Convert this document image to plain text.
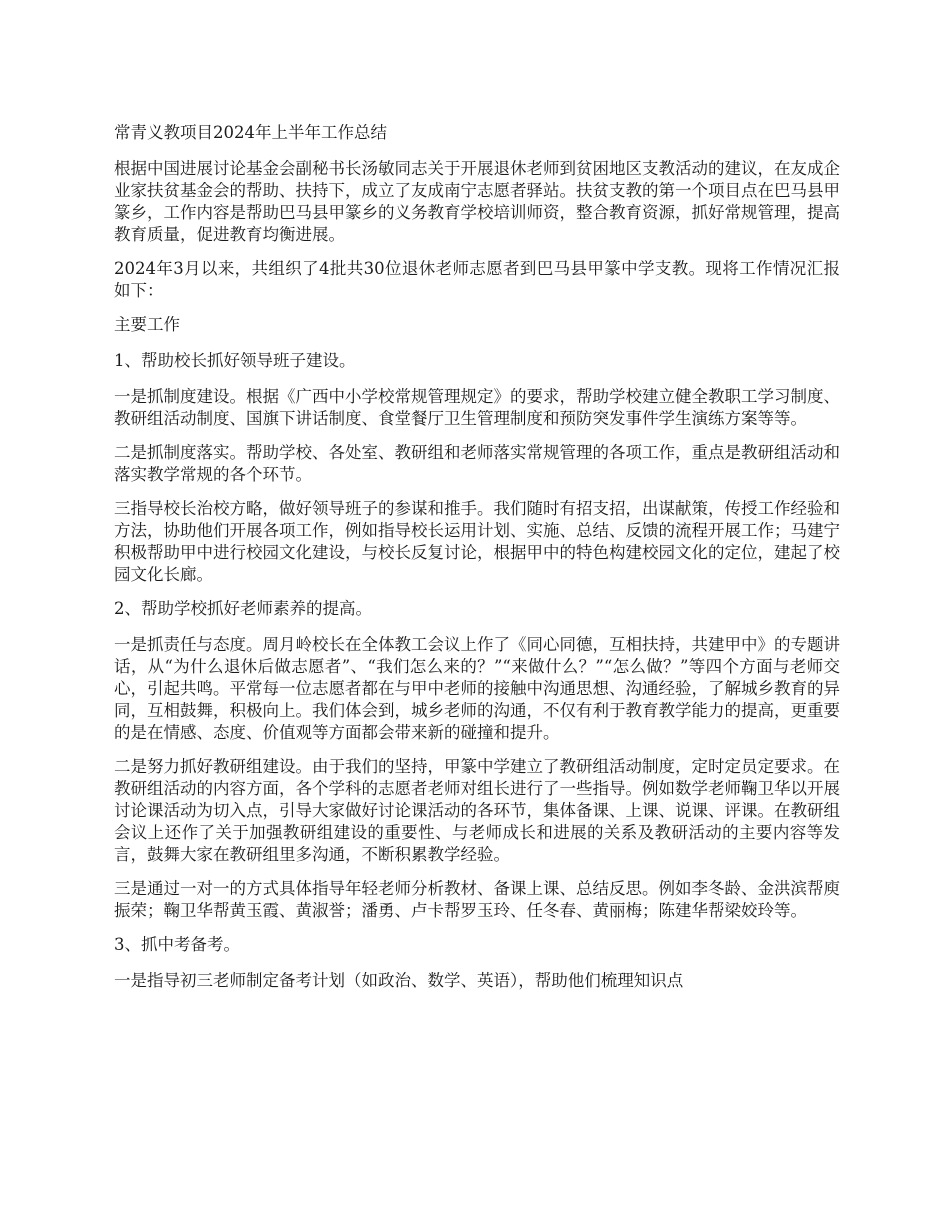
常青义教项目2024年上半年工作总结

根据中国进展讨论基金会副秘书长汤敏同志关于开展退休老师到贫困地区支教活动的建议，在友成企业家扶贫基金会的帮助、扶持下，成立了友成南宁志愿者驿站。扶贫支教的第一个项目点在巴马县甲篆乡，工作内容是帮助巴马县甲篆乡的义务教育学校培训师资，整合教育资源，抓好常规管理，提高教育质量，促进教育均衡进展。

2024年3月以来，共组织了4批共30位退休老师志愿者到巴马县甲篆中学支教。现将工作情况汇报如下：

主要工作

1、帮助校长抓好领导班子建设。

一是抓制度建设。根据《广西中小学校常规管理规定》的要求，帮助学校建立健全教职工学习制度、教研组活动制度、国旗下讲话制度、食堂餐厅卫生管理制度和预防突发事件学生演练方案等等。

二是抓制度落实。帮助学校、各处室、教研组和老师落实常规管理的各项工作，重点是教研组活动和落实教学常规的各个环节。

三指导校长治校方略，做好领导班子的参谋和推手。我们随时有招支招，出谋献策，传授工作经验和方法，协助他们开展各项工作，例如指导校长运用计划、实施、总结、反馈的流程开展工作；马建宁积极帮助甲中进行校园文化建设，与校长反复讨论，根据甲中的特色构建校园文化的定位，建起了校园文化长廊。

2、帮助学校抓好老师素养的提高。

一是抓责任与态度。周月岭校长在全体教工会议上作了《同心同德，互相扶持，共建甲中》的专题讲话，从“为什么退休后做志愿者”、“我们怎么来的？”“来做什么？”“怎么做？”等四个方面与老师交心，引起共鸣。平常每一位志愿者都在与甲中老师的接触中沟通思想、沟通经验，了解城乡教育的异同，互相鼓舞，积极向上。我们体会到，城乡老师的沟通，不仅有利于教育教学能力的提高，更重要的是在情感、态度、价值观等方面都会带来新的碰撞和提升。

二是努力抓好教研组建设。由于我们的坚持，甲篆中学建立了教研组活动制度，定时定员定要求。在教研组活动的内容方面，各个学科的志愿者老师对组长进行了一些指导。例如数学老师鞠卫华以开展讨论课活动为切入点，引导大家做好讨论课活动的各环节，集体备课、上课、说课、评课。在教研组会议上还作了关于加强教研组建设的重要性、与老师成长和进展的关系及教研活动的主要内容等发言，鼓舞大家在教研组里多沟通，不断积累教学经验。

三是通过一对一的方式具体指导年轻老师分析教材、备课上课、总结反思。例如李冬龄、金洪滨帮庾振荣；鞠卫华帮黄玉霞、黄淑誉；潘勇、卢卡帮罗玉玲、任冬春、黄丽梅；陈建华帮梁姣玲等。

3、抓中考备考。

一是指导初三老师制定备考计划（如政治、数学、英语），帮助他们梳理知识点
